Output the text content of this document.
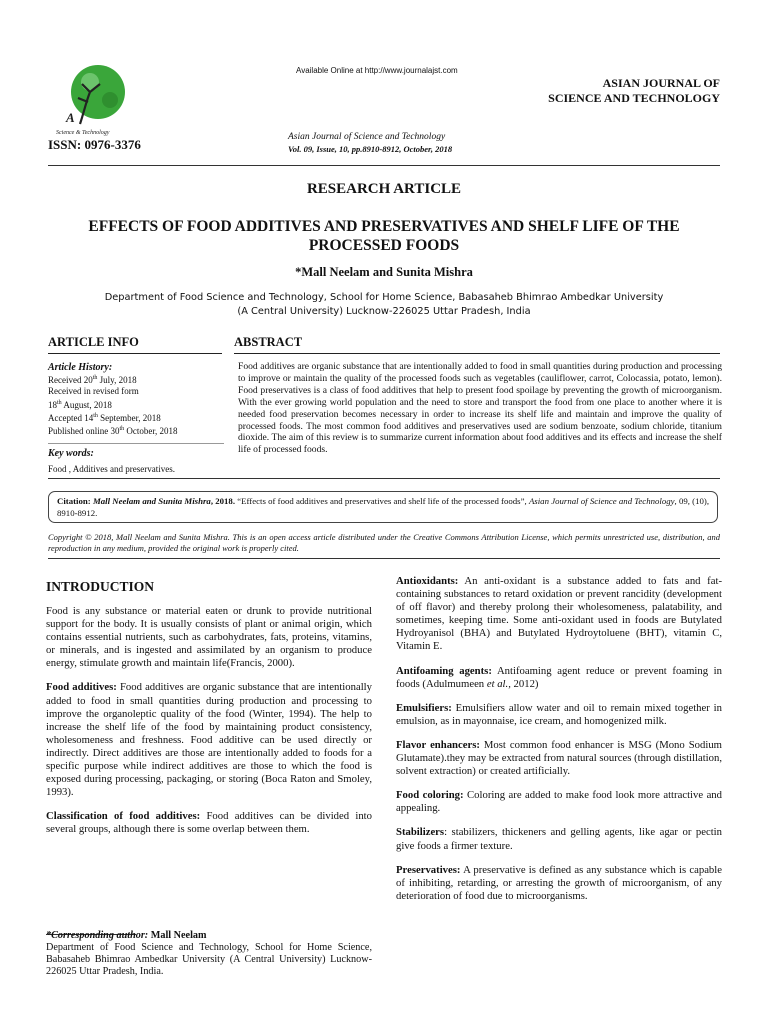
A
Science & Technology
ISSN: 0976-3376
Available Online at http://www.journalajst.com
ASIAN JOURNAL OF
SCIENCE AND TECHNOLOGY
Asian Journal of Science and Technology
Vol. 09, Issue, 10, pp.8910-8912, October, 2018
RESEARCH ARTICLE
EFFECTS OF FOOD ADDITIVES AND PRESERVATIVES AND SHELF LIFE OF THE
PROCESSED FOODS
*Mall Neelam and Sunita Mishra
Department of Food Science and Technology, School for Home Science, Babasaheb Bhimrao Ambedkar University
(A Central University) Lucknow-226025 Uttar Pradesh, India
ARTICLE INFO	ABSTRACT
Article History:
Received 20th July, 2018
Received in revised form
18th August, 2018
Accepted 14th September, 2018
Published online 30th October, 2018
Key words:
Food , Additives and preservatives.
Food additives are organic substance that are intentionally added to food in small quantities during production and processing to improve or maintain the quality of the processed foods such as vegetables (cauliflower, carrot, Colocassia, potato, lemon). Food preservatives is a class of food additives that help to present food spoilage by preventing the growth of microorganism. With the ever growing world population and the need to store and transport the food from one place to another where it is needed food preservation becomes necessary in order to increase its shelf life and maintain and improve the quality of processed foods. The most common food additives and preservatives used are sodium benzoate, sodium chloride, titanium dioxide. The aim of this review is to summarize current information about food additives and its effects and increase the shelf life of processed foods.
Citation: Mall Neelam and Sunita Mishra, 2018. “Effects of food additives and preservatives and shelf life of the processed foods”, Asian Journal of Science and Technology, 09, (10), 8910-8912.
Copyright © 2018, Mall Neelam and Sunita Mishra. This is an open access article distributed under the Creative Commons Attribution License, which permits unrestricted use, distribution, and reproduction in any medium, provided the original work is properly cited.
INTRODUCTION

Food is any substance or material eaten or drunk to provide nutritional support for the body. It is usually consists of plant or animal origin, which contains essential nutrients, such as carbohydrates, fats, proteins, vitamins, or minerals, and is ingested and assimilated by an organism to produce energy, stimulate growth and maintain life(Francis, 2000).

Food additives: Food additives are organic substance that are intentionally added to food in small quantities during production and processing to improve the organoleptic quality of the food (Winter, 1994). The help to increase the shelf life of the food by maintaining product consistency, wholesomeness and freshness. Food additive can be used directly or indirectly. Direct additives are those are intentionally added to foods for a specific purpose while indirect additives are those to which the food is exposed during processing, packaging, or storing (Boca Raton and Smoley, 1993).

Classification of food additives: Food additives can be divided into several groups, although there is some overlap between them.

*Corresponding author: Mall Neelam
Department of Food Science and Technology, School for Home Science, Babasaheb Bhimrao Ambedkar University (A Central University) Lucknow-226025 Uttar Pradesh, India.

Antioxidants: An anti-oxidant is a substance added to fats and fat-containing substances to retard oxidation or prevent rancidity (development of off flavor) and thereby prolong their wholesomeness, palatability, and sometimes, keeping time. Some anti-oxidant used in foods are Butylated Hydroyanisol (BHA) and Butylated Hydroytoluene (BHT), vitamin C, Vitamin E.

Antifoaming agents: Antifoaming agent reduce or prevent foaming in foods (Adulmumeen et al., 2012)

Emulsifiers: Emulsifiers allow water and oil to remain mixed together in emulsion, as in mayonnaise, ice cream, and homogenized milk.

Flavor enhancers: Most common food enhancer is MSG (Mono Sodium Glutamate).they may be extracted from natural sources (through distillation, solvent extraction) or created artificially.

Food coloring: Coloring are added to make food look more attractive and appealing.

Stabilizers: stabilizers, thickeners and gelling agents, like agar or pectin give foods a firmer texture.

Preservatives: A preservative is defined as any substance which is capable of inhibiting, retarding, or arresting the growth of microorganism, of any deterioration of food due to microorganisms.
